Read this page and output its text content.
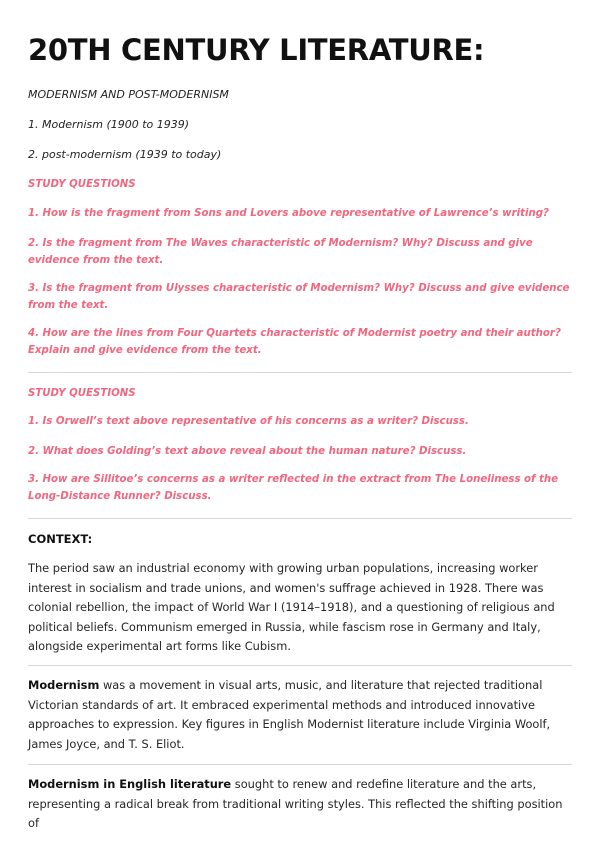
20TH CENTURY LITERATURE:

MODERNISM AND POST-MODERNISM

1. Modernism (1900 to 1939)

2. post-modernism (1939 to today)

STUDY QUESTIONS

1. How is the fragment from Sons and Lovers above representative of Lawrence’s writing?

2. Is the fragment from The Waves characteristic of Modernism? Why? Discuss and give evidence from the text.

3. Is the fragment from Ulysses characteristic of Modernism? Why? Discuss and give evidence from the text.

4. How are the lines from Four Quartets characteristic of Modernist poetry and their author? Explain and give evidence from the text.

STUDY QUESTIONS

1. Is Orwell’s text above representative of his concerns as a writer? Discuss.

2. What does Golding’s text above reveal about the human nature? Discuss.

3. How are Sillitoe’s concerns as a writer reflected in the extract from The Loneliness of the Long-Distance Runner? Discuss.

CONTEXT:

The period saw an industrial economy with growing urban populations, increasing worker interest in socialism and trade unions, and women's suffrage achieved in 1928. There was colonial rebellion, the impact of World War I (1914–1918), and a questioning of religious and political beliefs. Communism emerged in Russia, while fascism rose in Germany and Italy, alongside experimental art forms like Cubism.

Modernism was a movement in visual arts, music, and literature that rejected traditional Victorian standards of art. It embraced experimental methods and introduced innovative approaches to expression. Key figures in English Modernist literature include Virginia Woolf, James Joyce, and T. S. Eliot.

Modernism in English literature sought to renew and redefine literature and the arts, representing a radical break from traditional writing styles. This reflected the shifting position of
